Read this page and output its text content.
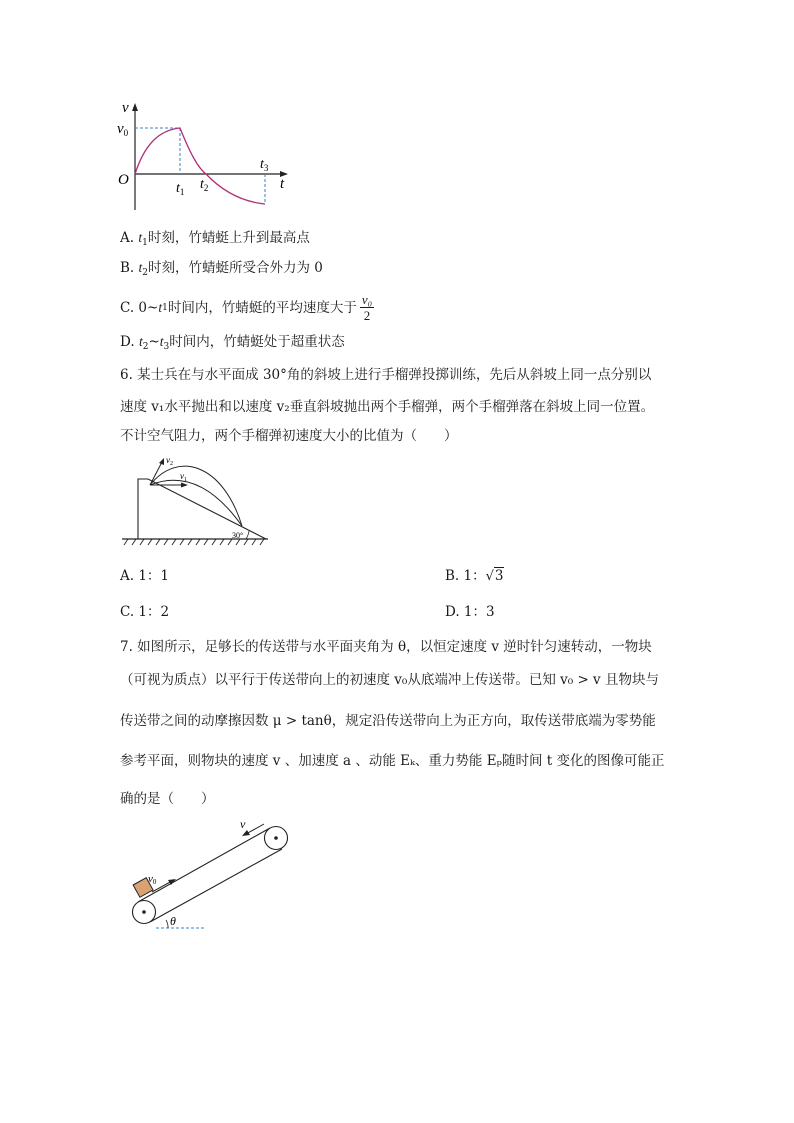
v
$v_0$
O
$t_1$ $t_2$
$t_3$
t
A. $t_1$时刻，竹蜻蜓上升到最高点
B. $t_2$时刻，竹蜻蜓所受合外力为 0
C. 0~ t 1 时间内，竹蜻蜓的平均速度大于 $\frac{\text{v₀}}{2}$
D. $t_2\sim t_3$时间内，竹蜻蜓处于超重状态
6. 某士兵在与水平面成 30°角的斜坡上进行手榴弹投掷训练，先后从斜坡上同一点分别以
速度 v₁水平抛出和以速度 v₂垂直斜坡抛出两个手榴弹，两个手榴弹落在斜坡上同一位置。
不计空气阻力，两个手榴弹初速度大小的比值为（　　）
$v_1$
$v_2$
30°
A. 1：1	B. 1：√3
C. 1：2	D. 1：3
7. 如图所示，足够长的传送带与水平面夹角为 θ，以恒定速度 v 逆时针匀速转动，一物块
（可视为质点）以平行于传送带向上的初速度 v₀从底端冲上传送带。已知 v₀ > v 且物块与
传送带之间的动摩擦因数 μ > tanθ，规定沿传送带向上为正方向，取传送带底端为零势能
参考平面，则物块的速度 v 、加速度 a 、动能 Eₖ、重力势能 Eₚ随时间 t 变化的图像可能正
确的是（　　）
v0
v
θ
